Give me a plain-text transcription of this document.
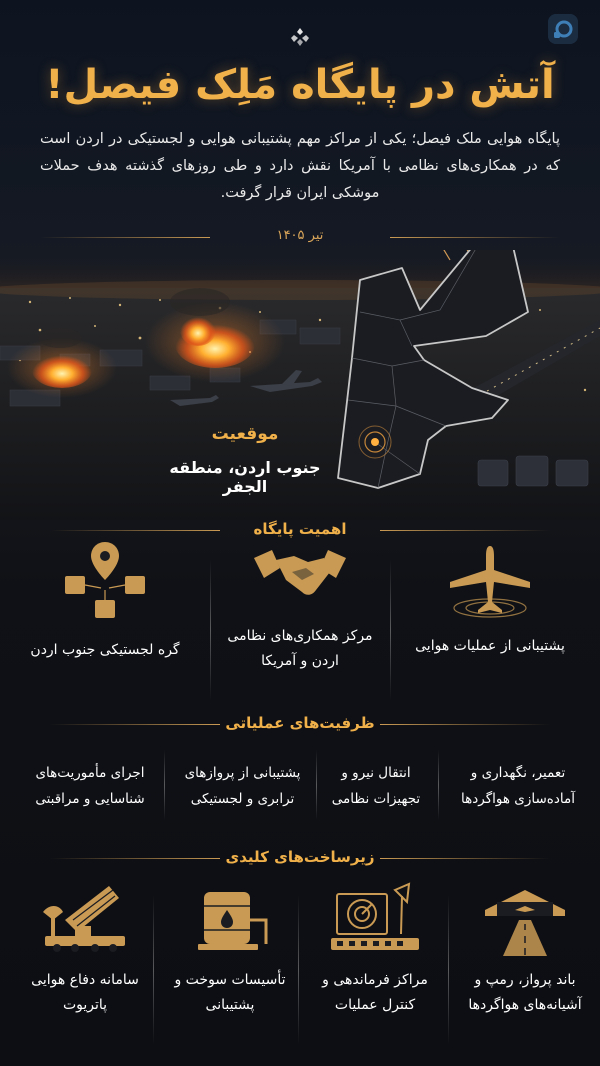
آتش در پایگاه مَلِک فیصل!
پایگاه هوایی ملک فیصل؛ یکی از مراکز مهم پشتیبانی هوایی و لجستیکی در اردن است که در همکاری‌های نظامی با آمریکا نقش دارد و طی روزهای گذشته هدف حملات موشکی ایران قرار گرفت.
تیر ۱۴۰۵
موقعیت
جنوب اردن، منطقه الجفر
اهمیت پایگاه
پشتیبانی از عملیات هوایی
مرکز همکاری‌های نظامی اردن و آمریکا
گره لجستیکی جنوب اردن
ظرفیت‌های عملیاتی
تعمیر، نگهداری و آماده‌سازی هواگردها
انتقال نیرو و تجهیزات نظامی
پشتیبانی از پروازهای ترابری و لجستیکی
اجرای مأموریت‌های شناسایی و مراقبتی
زیرساخت‌های کلیدی
باند پرواز، رمپ و آشیانه‌های هواگردها
مراکز فرماندهی و کنترل عملیات
تأسیسات سوخت و پشتیبانی
سامانه دفاع هوایی پاتریوت
